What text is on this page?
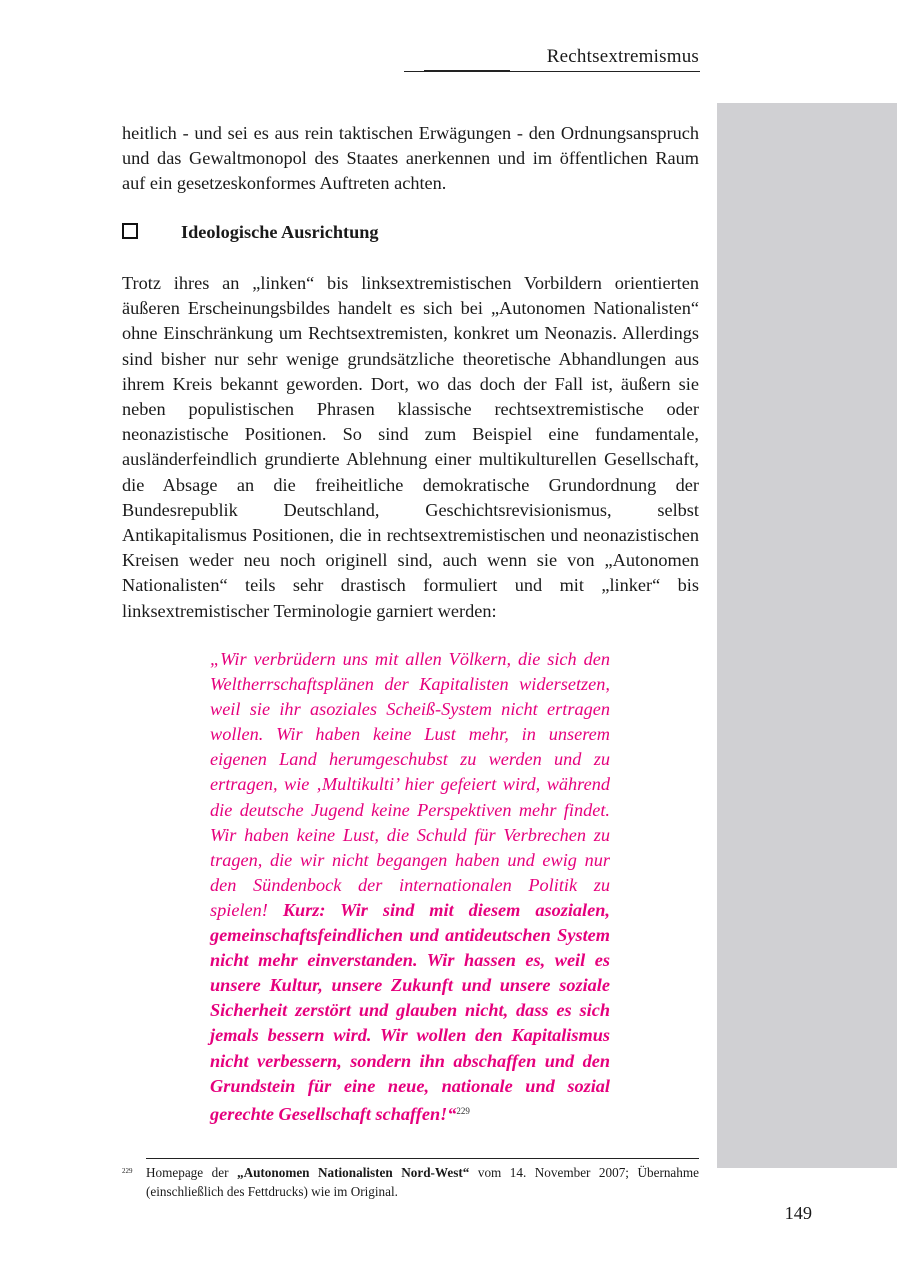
Rechtsextremismus

heitlich - und sei es aus rein taktischen Erwägungen - den Ordnungsanspruch und das Gewaltmonopol des Staates anerkennen und im öffentlichen Raum auf ein gesetzeskonformes Auftreten achten.

Ideologische Ausrichtung

Trotz ihres an „linken“ bis linksextremistischen Vorbildern orientierten äußeren Erscheinungsbildes handelt es sich bei „Autonomen Nationalisten“ ohne Einschränkung um Rechtsextremisten, konkret um Neonazis. Allerdings sind bisher nur sehr wenige grundsätzliche theoretische Abhandlungen aus ihrem Kreis bekannt geworden. Dort, wo das doch der Fall ist, äußern sie neben populistischen Phrasen klassische rechtsextremistische oder neonazistische Positionen. So sind zum Beispiel eine fundamentale, ausländerfeindlich grundierte Ablehnung einer multikulturellen Gesellschaft, die Absage an die freiheitliche demokratische Grundordnung der Bundesrepublik Deutschland, Geschichtsrevisionismus, selbst Antikapitalismus Positionen, die in rechtsextremistischen und neonazistischen Kreisen weder neu noch originell sind, auch wenn sie von „Autonomen Nationalisten“ teils sehr drastisch formuliert und mit „linker“ bis linksextremistischer Terminologie garniert werden:

„Wir verbrüdern uns mit allen Völkern, die sich den Weltherrschaftsplänen der Kapitalisten widersetzen, weil sie ihr asoziales Scheiß-System nicht ertragen wollen. Wir haben keine Lust mehr, in unserem eigenen Land herumgeschubst zu werden und zu ertragen, wie ‚Multikulti’ hier gefeiert wird, während die deutsche Jugend keine Perspektiven mehr findet. Wir haben keine Lust, die Schuld für Verbrechen zu tragen, die wir nicht begangen haben und ewig nur den Sündenbock der internationalen Politik zu spielen! Kurz: Wir sind mit diesem asozialen, gemeinschaftsfeindlichen und antideutschen System nicht mehr einverstanden. Wir hassen es, weil es unsere Kultur, unsere Zukunft und unsere soziale Sicherheit zerstört und glauben nicht, dass es sich jemals bessern wird. Wir wollen den Kapitalismus nicht verbessern, sondern ihn abschaffen und den Grundstein für eine neue, nationale und sozial gerechte Gesellschaft schaffen!“$^{229}$

229	Homepage der „Autonomen Nationalisten Nord-West“ vom 14. November 2007; Übernahme (einschließlich des Fettdrucks) wie im Original.
149
